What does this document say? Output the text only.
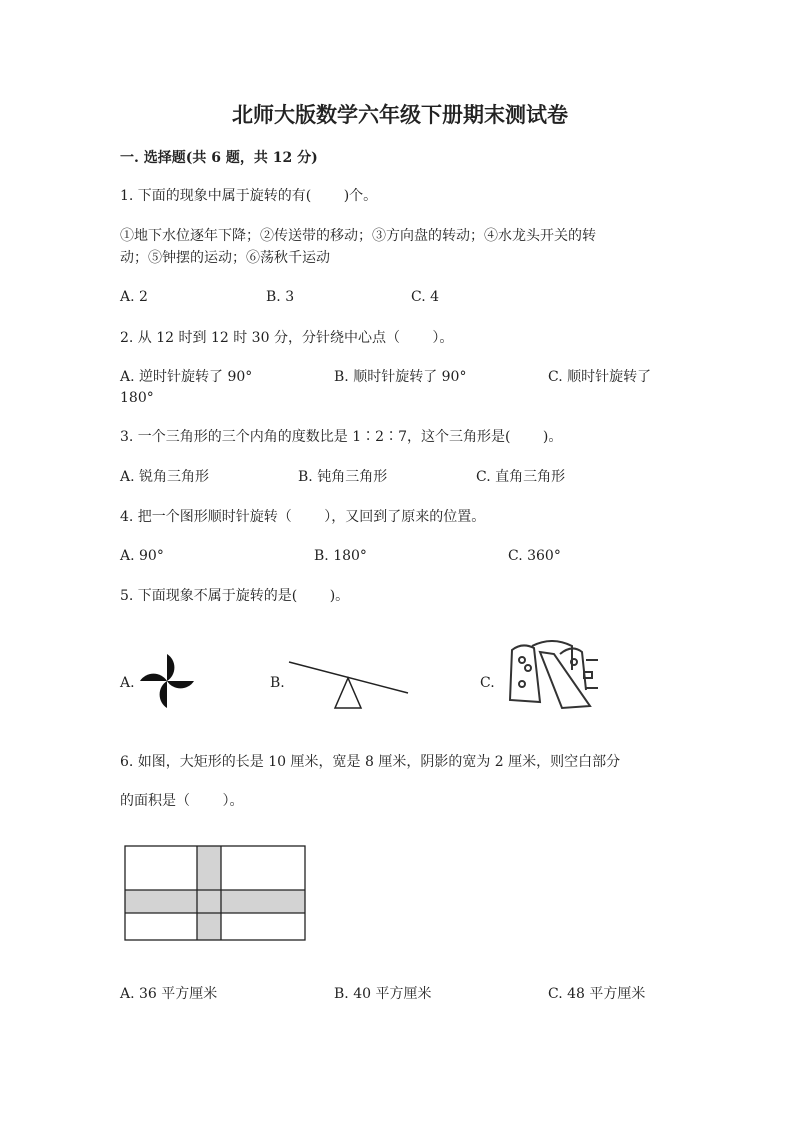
北师大版数学六年级下册期末测试卷
一. 选择题(共 6 题，共 12 分)
1. 下面的现象中属于旋转的有(　　 )个。
①地下水位逐年下降；②传送带的移动；③方向盘的转动；④水龙头开关的转
动；⑤钟摆的运动；⑥荡秋千运动
A. 2	B. 3	C. 4
2. 从 12 时到 12 时 30 分，分针绕中心点（　　 ）。
A. 逆时针旋转了 90°	B. 顺时针旋转了 90°	C. 顺时针旋转了
180°
3. 一个三角形的三个内角的度数比是 1∶2∶7，这个三角形是(　　 )。
A. 锐角三角形	B. 钝角三角形	C. 直角三角形
4. 把一个图形顺时针旋转（　　 ），又回到了原来的位置。
A. 90°	B. 180°	C. 360°
5. 下面现象不属于旋转的是(　　 )。
A.	B.	C.
6. 如图，大矩形的长是 10 厘米，宽是 8 厘米，阴影的宽为 2 厘米，则空白部分
的面积是（　　 ）。
A. 36 平方厘米	B. 40 平方厘米	C. 48 平方厘米
